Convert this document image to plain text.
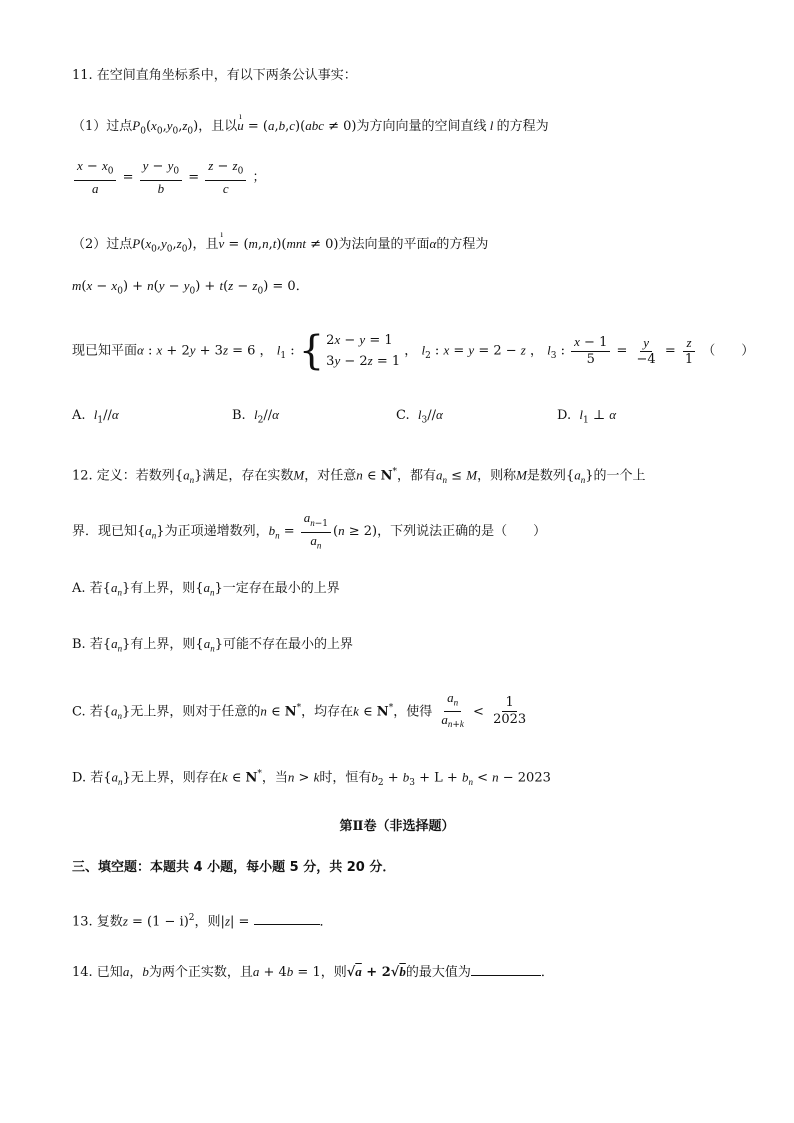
11. 在空间直角坐标系中，有以下两条公认事实：
（1）过点$P_0(x_0,y_0,z_0)$，且以ı u = (a,b,c)(abc ≠ 0)为方向向量的空间直线 l 的方程为
$\frac{x - x_0}{a} = \frac{y - y_0}{b} = \frac{z - z_0}{c}$ ；
（2）过点$P(x_0,y_0,z_0)$，且ı v = (m,n,t)(mnt ≠ 0)为法向量的平面α的方程为
$m(x - x_0) + n(y - y_0) + t(z - z_0) = 0$．
现已知平面α : x + 2y + 3z = 6 ， $l_1$ : { 2x − y = 1
3y − 2z = 1
， $l_2$ : x = y = 2 − z ， $l_3$ : $\frac{x - 1}{5} = \frac{y}{-4} = \frac{z}{1}$ （　　）
A. $l_1//\alpha$	B. $l_2//\alpha$	C. $l_3//\alpha$	D. $l_1$ ⊥ α
12. 定义：若数列$\{a_n\}$满足，存在实数M，对任意n ∈ N*，都有$a_n \le M$，则称M是数列$\{a_n\}$的一个上
界．现已知$\{a_n\}$为正项递增数列，$b_n = \frac{a_{n-1}}{a_n} (n \ge 2)$，下列说法正确的是（　　）
A. 若$\{a_n\}$有上界，则$\{a_n\}$一定存在最小的上界
B. 若$\{a_n\}$有上界，则$\{a_n\}$可能不存在最小的上界
C. 若$\{a_n\}$无上界，则对于任意的n ∈ N*，均存在k ∈ N*，使得 $\frac{a_n}{a_{n+k}} < \frac{1}{2023}$
D. 若$\{a_n\}$无上界，则存在k ∈ N*，当n > k时，恒有$b_2 + b_3 + L + b_n < n - 2023$
第Ⅱ卷（非选择题）
三、填空题：本题共 4 小题，每小题 5 分，共 20 分．
13. 复数$z = (1 - i)^2$，则|z| =	．
14. 已知a，b为两个正实数，且a + 4b = 1，则√a + 2√b的最大值为	．
